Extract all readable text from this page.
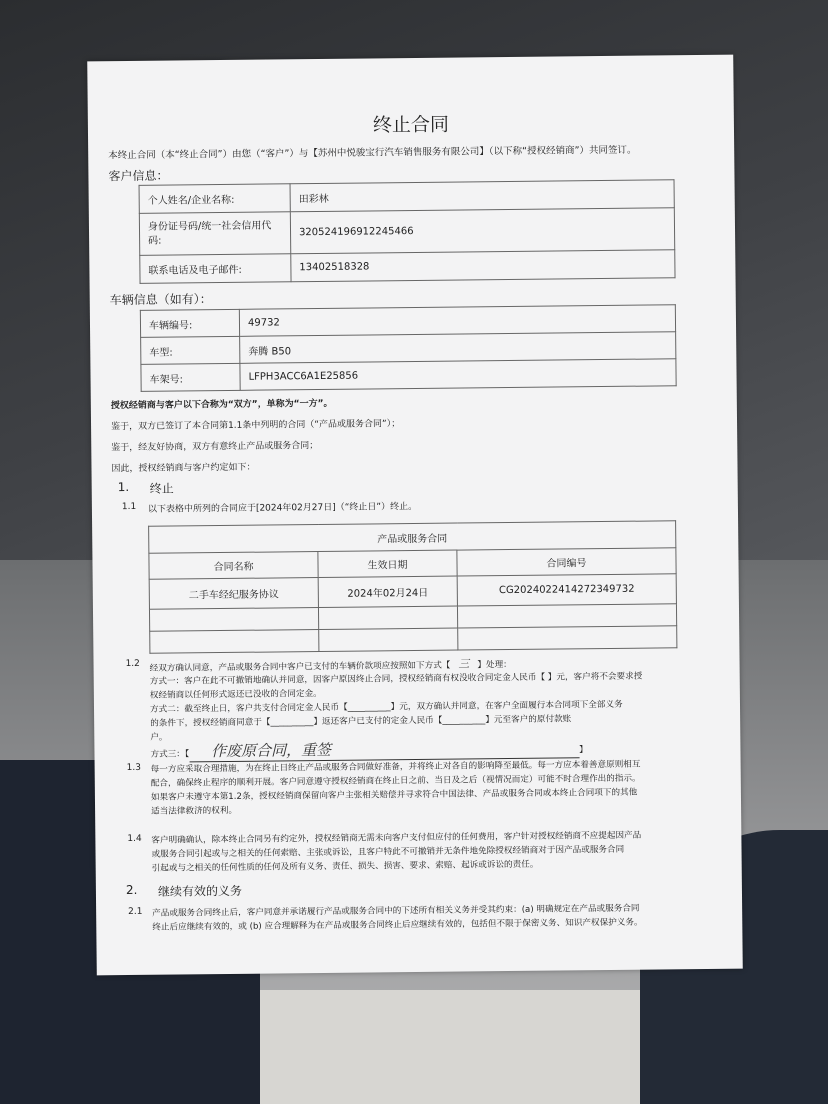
终止合同
本终止合同（本“终止合同”）由您（“客户”）与【苏州中悦骏宝行汽车销售服务有限公司】（以下称“授权经销商”）共同签订。
客户信息：
个人姓名/企业名称:	田彩林
身份证号码/统一社会信用代码:	320524196912245466
联系电话及电子邮件:	13402518328
车辆信息（如有）：
车辆编号:	49732
车型:	奔腾 B50
车架号:	LFPH3ACC6A1E25856
授权经销商与客户以下合称为“双方”，单称为“一方”。
鉴于，双方已签订了本合同第1.1条中列明的合同（“产品或服务合同”）；
鉴于，经友好协商，双方有意终止产品或服务合同；
因此，授权经销商与客户约定如下：
1. 终止
1.1 以下表格中所列的合同应于[2024年02月27日]（“终止日”）终止。
产品或服务合同		
合同名称	生效日期	合同编号
二手车经纪服务协议	2024年02月24日	CG2024022414272349732

1.2 经双方确认同意，产品或服务合同中客户已支付的车辆价款项应按照如下方式【 三 】处理：
方式一：客户在此不可撤销地确认并同意，因客户原因终止合同，授权经销商有权没收合同定金人民币【 】元，客户将不会要求授
权经销商以任何形式返还已没收的合同定金。
方式二：截至终止日，客户共支付合同定金人民币【__________】元，双方确认并同意，在客户全面履行本合同项下全部义务
的条件下，授权经销商同意于【__________】返还客户已支付的定金人民币【__________】元至客户的原付款账
户。
方式三：【 作废原合同，重签	】
1.3 每一方应采取合理措施，为在终止日终止产品或服务合同做好准备，并将终止对各自的影响降至最低。每一方应本着善意原则相互
配合，确保终止程序的顺利开展。客户同意遵守授权经销商在终止日之前、当日及之后（视情况而定）可能不时合理作出的指示。
如果客户未遵守本第1.2条，授权经销商保留向客户主张相关赔偿并寻求符合中国法律、产品或服务合同或本终止合同项下的其他
适当法律救济的权利。
1.4 客户明确确认，除本终止合同另有约定外，授权经销商无需未向客户支付但应付的任何费用，客户针对授权经销商不应提起因产品
或服务合同引起或与之相关的任何索赔、主张或诉讼，且客户特此不可撤销并无条件地免除授权经销商对于因产品或服务合同
引起或与之相关的任何性质的任何及所有义务、责任、损失、损害、要求、索赔、起诉或诉讼的责任。
2. 继续有效的义务
2.1 产品或服务合同终止后，客户同意并承诺履行产品或服务合同中的下述所有相关义务并受其约束：(a) 明确规定在产品或服务合同
终止后应继续有效的，或 (b) 应合理解释为在产品或服务合同终止后应继续有效的，包括但不限于保密义务、知识产权保护义务。
